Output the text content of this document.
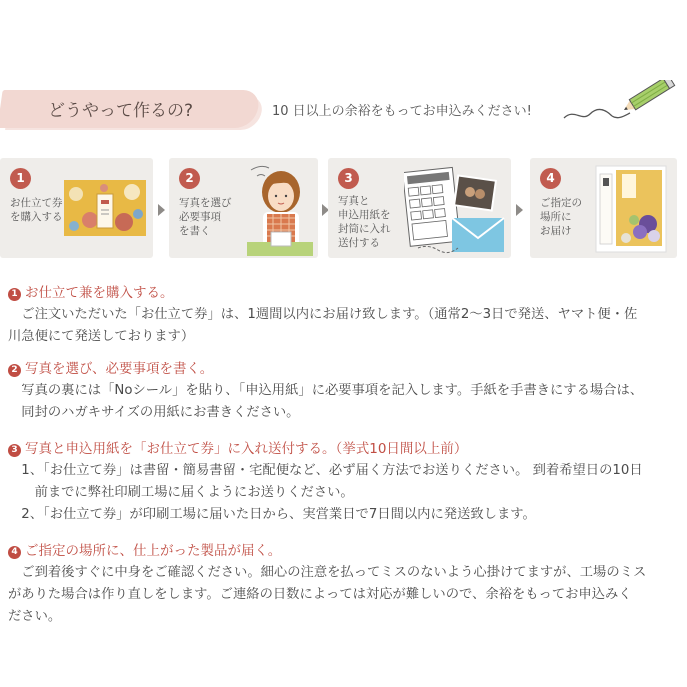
どうやって作るの?	10 日以上の余裕をもってお申込みください!
1
お仕立て券
を購入する
2
写真を選び
必要事項
を書く
3
写真と
申込用紙を
封筒に入れ
送付する
4
ご指定の
場所に
お届け
1 お仕立て兼を購入する。
　ご注文いただいた「お仕立て券」は、1週間以内にお届け致します。（通常2〜3日で発送、ヤマト便・佐
川急便にて発送しております）
2 写真を選び、必要事項を書く。
　写真の裏には「Noシール」を貼り、「申込用紙」に必要事項を記入します。手紙を手書きにする場合は、
　同封のハガキサイズの用紙にお書きください。
3 写真と申込用紙を「お仕立て券」に入れ送付する。（挙式10日間以上前）
　1、「お仕立て券」は書留・簡易書留・宅配便など、必ず届く方法でお送りください。 到着希望日の10日
　　前までに弊社印刷工場に届くようにお送りください。
　2、「お仕立て券」が印刷工場に届いた日から、実営業日で7日間以内に発送致します。
4 ご指定の場所に、仕上がった製品が届く。
　ご到着後すぐに中身をご確認ください。細心の注意を払ってミスのないよう心掛けてますが、工場のミス
がありた場合は作り直しをします。ご連絡の日数によっては対応が難しいので、余裕をもってお申込みく
ださい。
